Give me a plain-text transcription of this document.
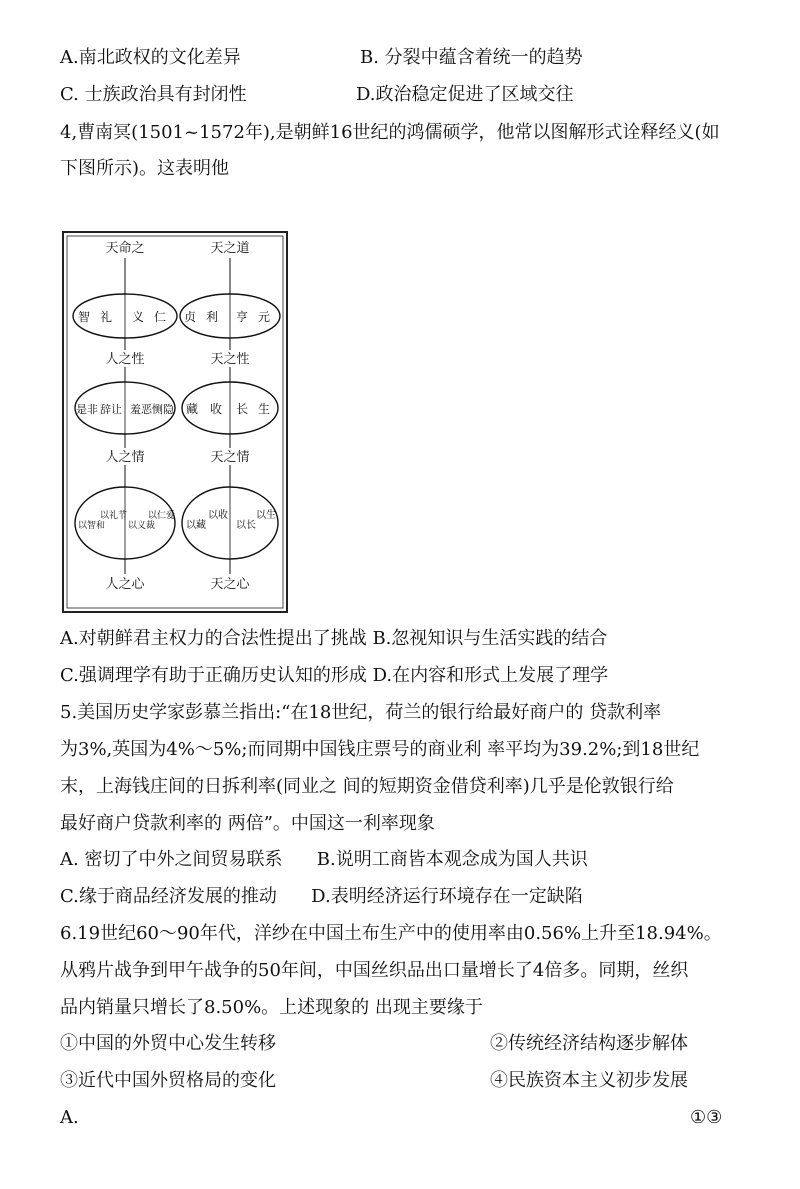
A.南北政权的文化差异	B. 分裂中蕴含着统一的趋势
C. 士族政治具有封闭性	D.政治稳定促进了区域交往
4,曹南冥(1501~1572年),是朝鲜16世纪的鸿儒硕学，他常以图解形式诠释经义(如
下图所示)。这表明他
天命之
智 礼 义 仁
人之性
是非 辞让 羞恶 恻隐
人之情
以智和
以礼节
以义裁
以仁爱
人之心
天之道
贞 利 亨 元
天之性
藏 收 长 生
天之情
以藏
以收
以长
以生
天之心
A.对朝鲜君主权力的合法性提出了挑战 B.忽视知识与生活实践的结合
C.强调理学有助于正确历史认知的形成 D.在内容和形式上发展了理学
5.美国历史学家彭慕兰指出:“在18世纪，荷兰的银行给最好商户的 贷款利率
为3%,英国为4%～5%;而同期中国钱庄票号的商业利 率平均为39.2%;到18世纪
末，上海钱庄间的日拆利率(同业之 间的短期资金借贷利率)几乎是伦敦银行给
最好商户贷款利率的 两倍”。中国这一利率现象
A. 密切了中外之间贸易联系      B.说明工商皆本观念成为国人共识
C.缘于商品经济发展的推动      D.表明经济运行环境存在一定缺陷
6.19世纪60～90年代，洋纱在中国土布生产中的使用率由0.56%上升至18.94%。
从鸦片战争到甲午战争的50年间，中国丝织品出口量增长了4倍多。同期，丝织
品内销量只增长了8.50%。上述现象的 出现主要缘于
①中国的外贸中心发生转移	②传统经济结构逐步解体
③近代中国外贸格局的变化	④民族资本主义初步发展
A.	①③
